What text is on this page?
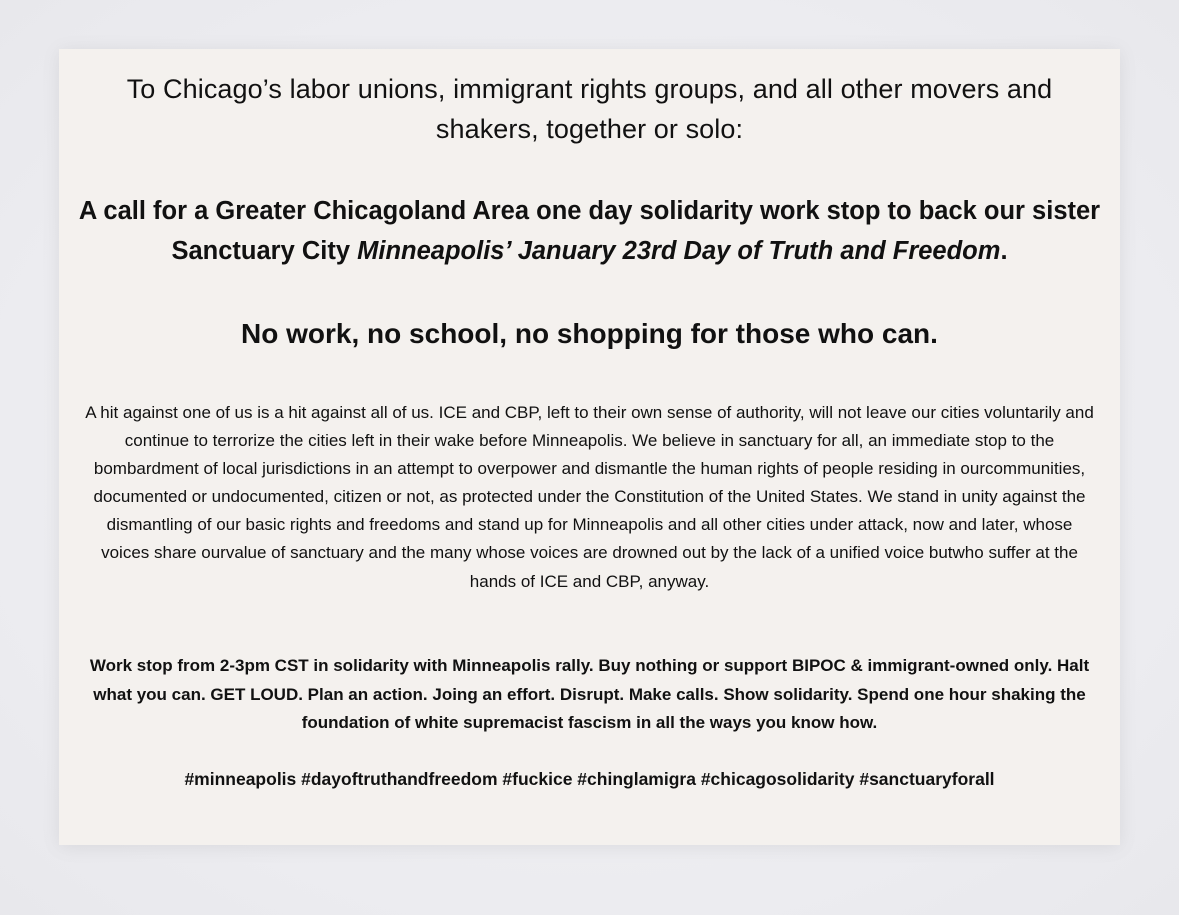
To Chicago’s labor unions, immigrant rights groups, and all other movers and shakers, together or solo:

A call for a Greater Chicagoland Area one day solidarity work stop to back our sister Sanctuary City Minneapolis’ January 23rd Day of Truth and Freedom.

No work, no school, no shopping for those who can.

A hit against one of us is a hit against all of us. ICE and CBP, left to their own sense of authority, will not leave our cities voluntarily and continue to terrorize the cities left in their wake before Minneapolis. We believe in sanctuary for all, an immediate stop to the bombardment of local jurisdictions in an attempt to overpower and dismantle the human rights of people residing in ourcommunities, documented or undocumented, citizen or not, as protected under the Constitution of the United States. We stand in unity against the dismantling of our basic rights and freedoms and stand up for Minneapolis and all other cities under attack, now and later, whose voices share ourvalue of sanctuary and the many whose voices are drowned out by the lack of a unified voice butwho suffer at the hands of ICE and CBP, anyway.

Work stop from 2-3pm CST in solidarity with Minneapolis rally. Buy nothing or support BIPOC & immigrant-owned only. Halt what you can. GET LOUD. Plan an action. Joing an effort. Disrupt. Make calls. Show solidarity. Spend one hour shaking the foundation of white supremacist fascism in all the ways you know how.

#minneapolis #dayoftruthandfreedom #fuckice #chinglamigra #chicagosolidarity #sanctuaryforall
